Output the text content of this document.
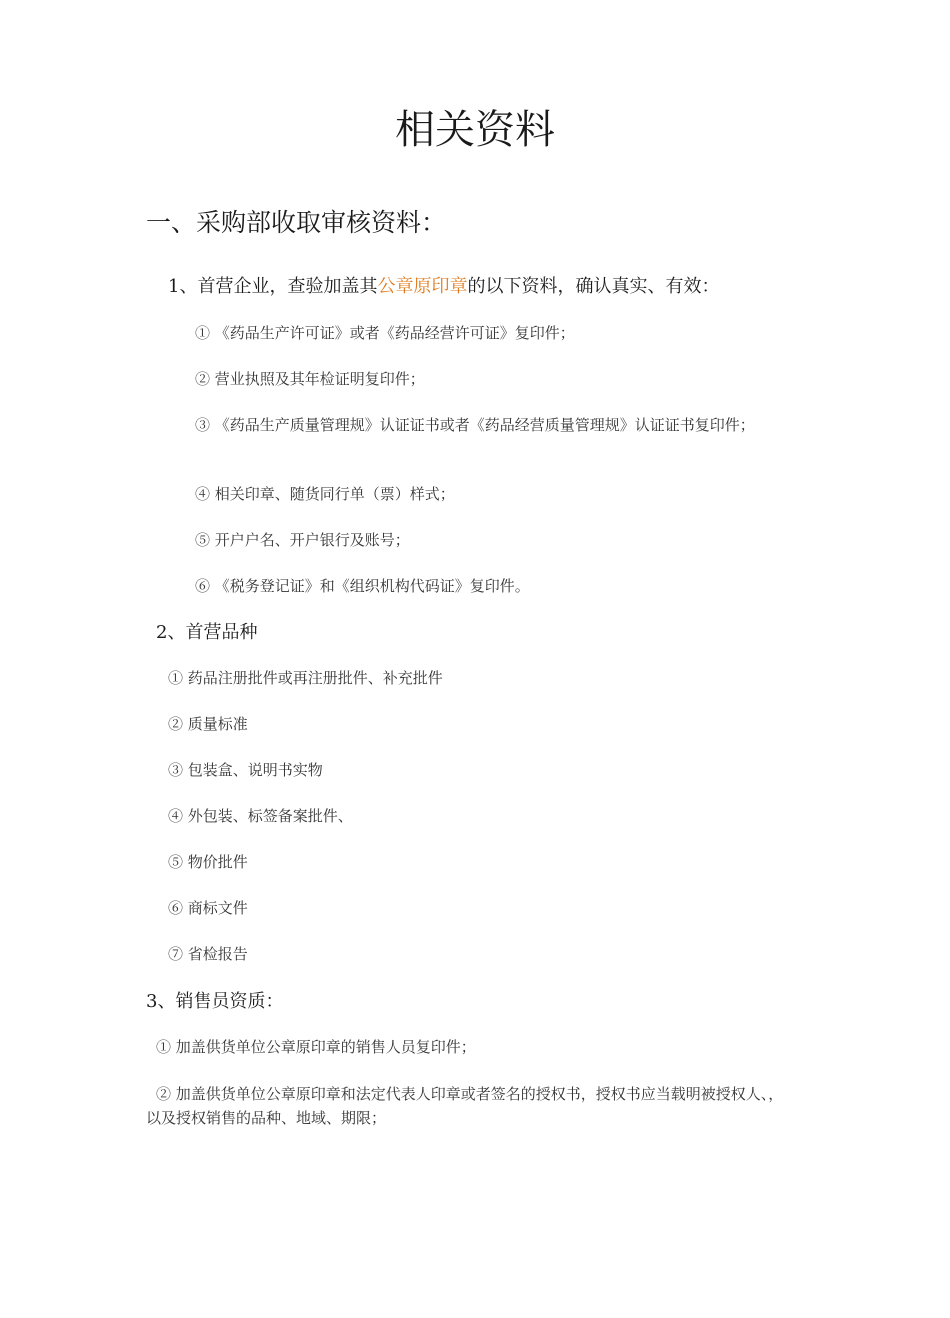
相关资料
一、采购部收取审核资料：
1、首营企业，查验加盖其公章原印章的以下资料，确认真实、有效：
① 《药品生产许可证》或者《药品经营许可证》复印件；
② 营业执照及其年检证明复印件；
③ 《药品生产质量管理规》认证证书或者《药品经营质量管理规》认证证书复印件；
④ 相关印章、随货同行单（票）样式；
⑤ 开户户名、开户银行及账号；
⑥ 《税务登记证》和《组织机构代码证》复印件。
2、首营品种
① 药品注册批件或再注册批件、补充批件
② 质量标准
③ 包装盒、说明书实物
④ 外包装、标签备案批件、
⑤ 物价批件
⑥ 商标文件
⑦ 省检报告
3、销售员资质：
① 加盖供货单位公章原印章的销售人员复印件；
② 加盖供货单位公章原印章和法定代表人印章或者签名的授权书，授权书应当载明被授权人、，以及授权销售的品种、地域、期限；
